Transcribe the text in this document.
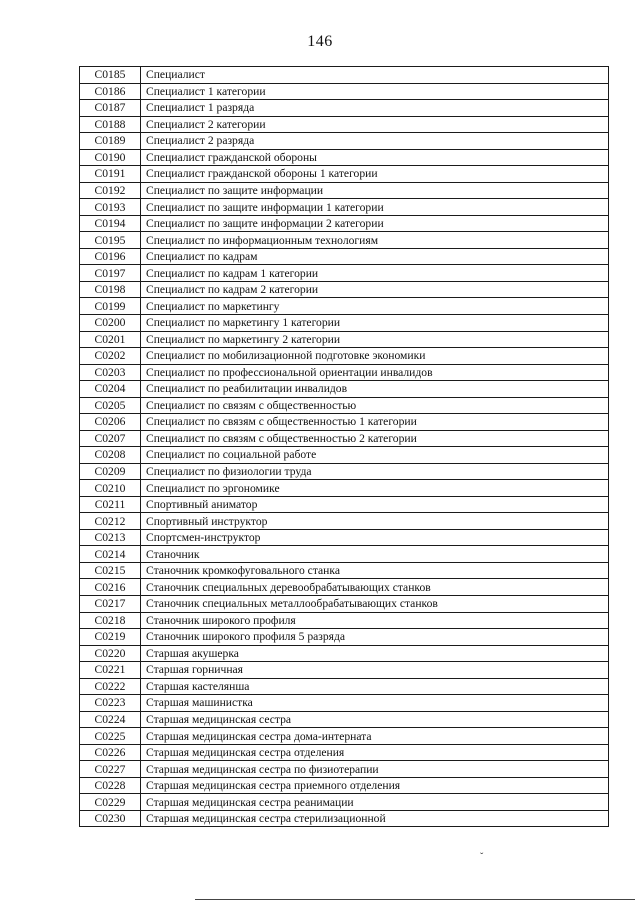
146
C0185	Специалист
C0186	Специалист 1 категории
C0187	Специалист 1 разряда
C0188	Специалист 2 категории
C0189	Специалист 2 разряда
C0190	Специалист гражданской обороны
C0191	Специалист гражданской обороны 1 категории
C0192	Специалист по защите информации
C0193	Специалист по защите информации 1 категории
C0194	Специалист по защите информации 2 категории
C0195	Специалист по информационным технологиям
C0196	Специалист по кадрам
C0197	Специалист по кадрам 1 категории
C0198	Специалист по кадрам 2 категории
C0199	Специалист по маркетингу
C0200	Специалист по маркетингу 1 категории
C0201	Специалист по маркетингу 2 категории
C0202	Специалист по мобилизационной подготовке экономики
C0203	Специалист по профессиональной ориентации инвалидов
C0204	Специалист по реабилитации инвалидов
C0205	Специалист по связям с общественностью
C0206	Специалист по связям с общественностью 1 категории
C0207	Специалист по связям с общественностью 2 категории
C0208	Специалист по социальной работе
C0209	Специалист по физиологии труда
C0210	Специалист по эргономике
C0211	Спортивный аниматор
C0212	Спортивный инструктор
C0213	Спортсмен-инструктор
C0214	Станочник
C0215	Станочник кромкофуговального станка
C0216	Станочник специальных деревообрабатывающих станков
C0217	Станочник специальных металлообрабатывающих станков
C0218	Станочник широкого профиля
C0219	Станочник широкого профиля 5 разряда
C0220	Старшая акушерка
C0221	Старшая горничная
C0222	Старшая кастелянша
C0223	Старшая машинистка
C0224	Старшая медицинская сестра
C0225	Старшая медицинская сестра дома-интерната
C0226	Старшая медицинская сестра отделения
C0227	Старшая медицинская сестра по физиотерапии
C0228	Старшая медицинская сестра приемного отделения
C0229	Старшая медицинская сестра реанимации
C0230	Старшая медицинская сестра стерилизационной
ˇ
